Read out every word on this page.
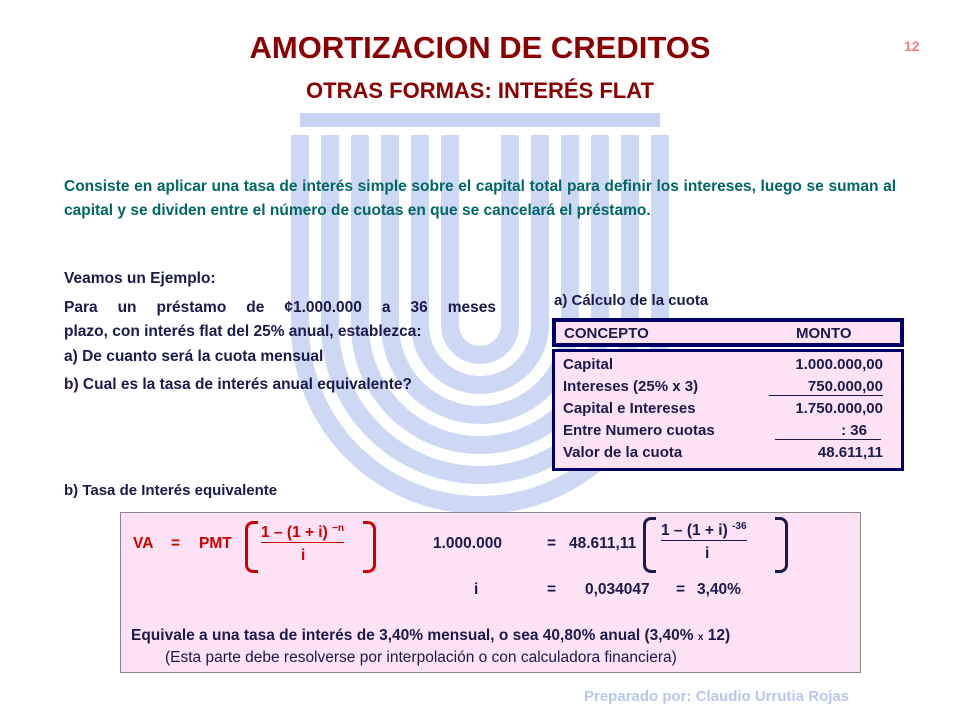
AMORTIZACION DE CREDITOS
OTRAS FORMAS: INTERÉS FLAT
12
Consiste en aplicar una tasa de interés simple sobre el capital total para definir los intereses, luego se suman al capital y se dividen entre el número de cuotas en que se cancelará el préstamo.
Veamos un Ejemplo:
Para un préstamo de ¢1.000.000 a 36 meses
plazo, con interés flat del 25% anual, establezca:
a) De cuanto será la cuota mensual
b) Cual es la tasa de interés anual equivalente?
a) Cálculo de la cuota
CONCEPTO	MONTO
Capital	1.000.000,00
Intereses (25% x 3)	750.000,00
Capital e Intereses	1.750.000,00
Entre Numero cuotas	: 36
Valor de la cuota	48.611,11
b) Tasa de Interés equivalente
VA = PMT
1 – (1 + i) $^{-n}$
i
1.000.000	= 48.611,11
1 – (1 + i) $^{-36}$
i
i	= 0,034047 = 3,40%
Equivale a una tasa de interés de 3,40% mensual, o sea 40,80% anual (3,40% x 12)
(Esta parte debe resolverse por interpolación o con calculadora financiera)
Preparado por: Claudio Urrutia Rojas
